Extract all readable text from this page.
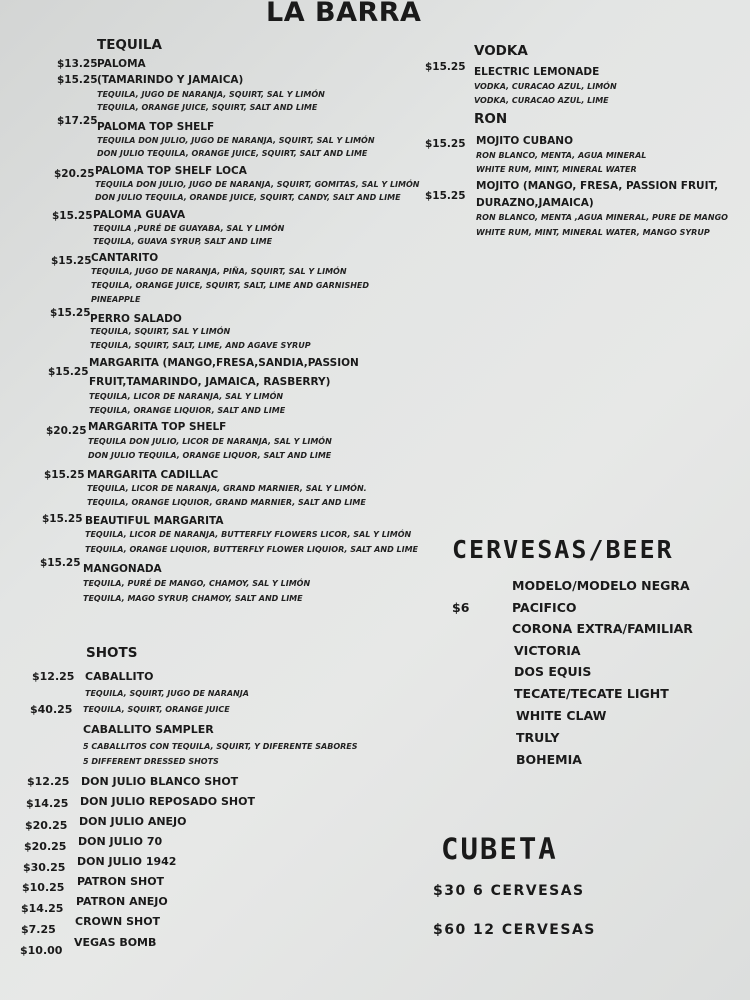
LA BARRA
TEQUILA
$13.25 PALOMA
$15.25 (TAMARINDO Y JAMAICA)
TEQUILA, JUGO DE NARANJA, SQUIRT, SAL Y LIMÓN
TEQUILA, ORANGE JUICE, SQUIRT, SALT AND LIME
$17.25 PALOMA TOP SHELF
TEQUILA DON JULIO, JUGO DE NARANJA, SQUIRT, SAL Y LIMÓN
DON JULIO TEQUILA, ORANGE JUICE, SQUIRT, SALT AND LIME
$20.25 PALOMA TOP SHELF LOCA
TEQUILA DON JULIO, JUGO DE NARANJA, SQUIRT, GOMITAS, SAL Y LIMÓN
DON JULIO TEQUILA, ORANDE JUICE, SQUIRT, CANDY, SALT AND LIME
$15.25 PALOMA GUAVA
TEQUILA ,PURÉ DE GUAYABA, SAL Y LIMÓN
TEQUILA, GUAVA SYRUP, SALT AND LIME
$15.25 CANTARITO
TEQUILA, JUGO DE NARANJA, PIÑA, SQUIRT, SAL Y LIMÓN
TEQUILA, ORANGE JUICE, SQUIRT, SALT, LIME AND GARNISHED
PINEAPPLE
$15.25 PERRO SALADO
TEQUILA, SQUIRT, SAL Y LIMÓN
TEQUILA, SQUIRT, SALT, LIME, AND AGAVE SYRUP
$15.25
MARGARITA (MANGO,FRESA,SANDIA,PASSION
FRUIT,TAMARINDO, JAMAICA, RASBERRY)
TEQUILA, LICOR DE NARANJA, SAL Y LIMÓN
TEQUILA, ORANGE LIQUIOR, SALT AND LIME
$20.25 MARGARITA TOP SHELF
TEQUILA DON JULIO, LICOR DE NARANJA, SAL Y LIMÓN
DON JULIO TEQUILA, ORANGE LIQUOR, SALT AND LIME
$15.25 MARGARITA CADILLAC
TEQUILA, LICOR DE NARANJA, GRAND MARNIER, SAL Y LIMÓN.
TEQUILA, ORANGE LIQUIOR, GRAND MARNIER, SALT AND LIME
$15.25 BEAUTIFUL MARGARITA
TEQUILA, LICOR DE NARANJA, BUTTERFLY FLOWERS LICOR, SAL Y LIMÓN
TEQUILA, ORANGE LIQUIOR, BUTTERFLY FLOWER LIQUIOR, SALT AND LIME
$15.25 MANGONADA
TEQUILA, PURÉ DE MANGO, CHAMOY, SAL Y LIMÓN
TEQUILA, MAGO SYRUP, CHAMOY, SALT AND LIME
VODKA
$15.25 ELECTRIC LEMONADE
VODKA, CURACAO AZUL, LIMÓN
VODKA, CURACAO AZUL, LIME
RON
$15.25 MOJITO CUBANO
RON BLANCO, MENTA, AGUA MINERAL
WHITE RUM, MINT, MINERAL WATER
$15.25
MOJITO (MANGO, FRESA, PASSION FRUIT,
DURAZNO,JAMAICA)
RON BLANCO, MENTA ,AGUA MINERAL, PURE DE MANGO
WHITE RUM, MINT, MINERAL WATER, MANGO SYRUP
CERVESAS/BEER
$6
MODELO/MODELO NEGRA
PACIFICO
CORONA EXTRA/FAMILIAR
VICTORIA
DOS EQUIS
TECATE/TECATE LIGHT
WHITE CLAW
TRULY
BOHEMIA
SHOTS
$12.25 CABALLITO
TEQUILA, SQUIRT, JUGO DE NARANJA
$40.25 TEQUILA, SQUIRT, ORANGE JUICE
CABALLITO SAMPLER
5 CABALLITOS CON TEQUILA, SQUIRT, Y DIFERENTE SABORES
5 DIFFERENT DRESSED SHOTS
$12.25 DON JULIO BLANCO SHOT
$14.25 DON JULIO REPOSADO SHOT
$20.25 DON JULIO ANEJO
$20.25 DON JULIO 70
$30.25 DON JULIO 1942
$10.25 PATRON SHOT
$14.25
PATRON ANEJO
$7.25
CROWN SHOT
$10.00
VEGAS BOMB
CUBETA
$30 6 CERVESAS
$60 12 CERVESAS
